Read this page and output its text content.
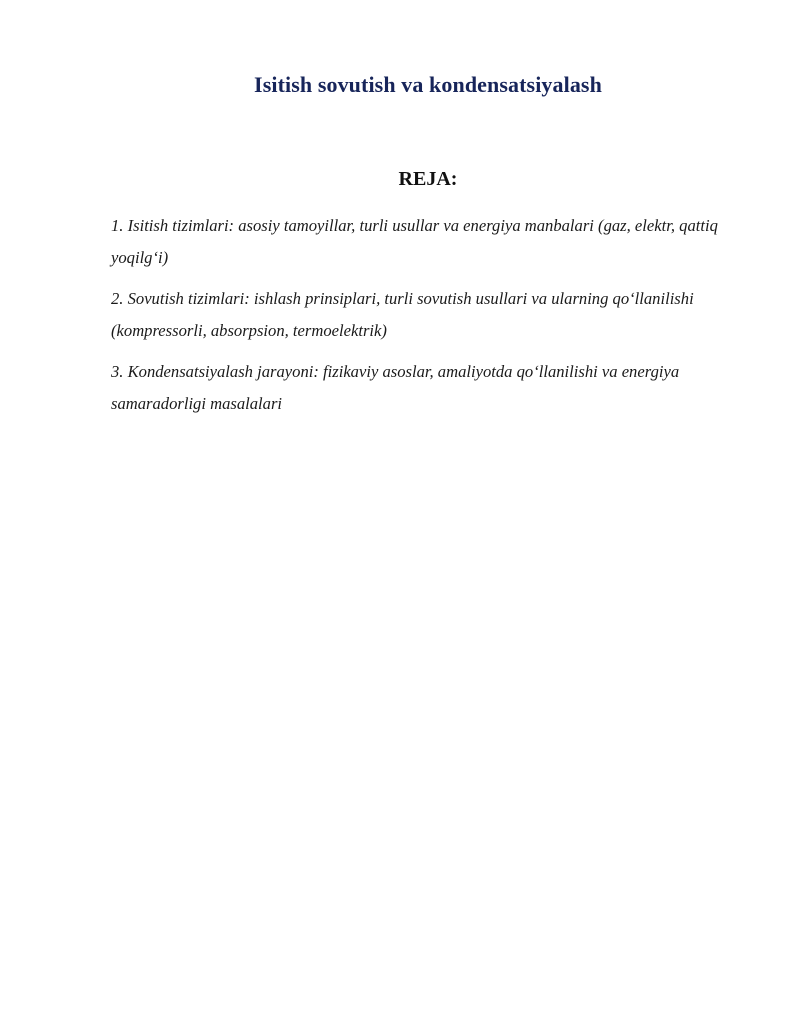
Isitish sovutish va kondensatsiyalash
REJA:
1. Isitish tizimlari: asosiy tamoyillar, turli usullar va energiya manbalari (gaz, elektr, qattiq yoqilg‘i)
2. Sovutish tizimlari: ishlash prinsiplari, turli sovutish usullari va ularning qo‘llanilishi (kompressorli, absorpsion, termoelektrik)
3. Kondensatsiyalash jarayoni: fizikaviy asoslar, amaliyotda qo‘llanilishi va energiya samaradorligi masalalari
